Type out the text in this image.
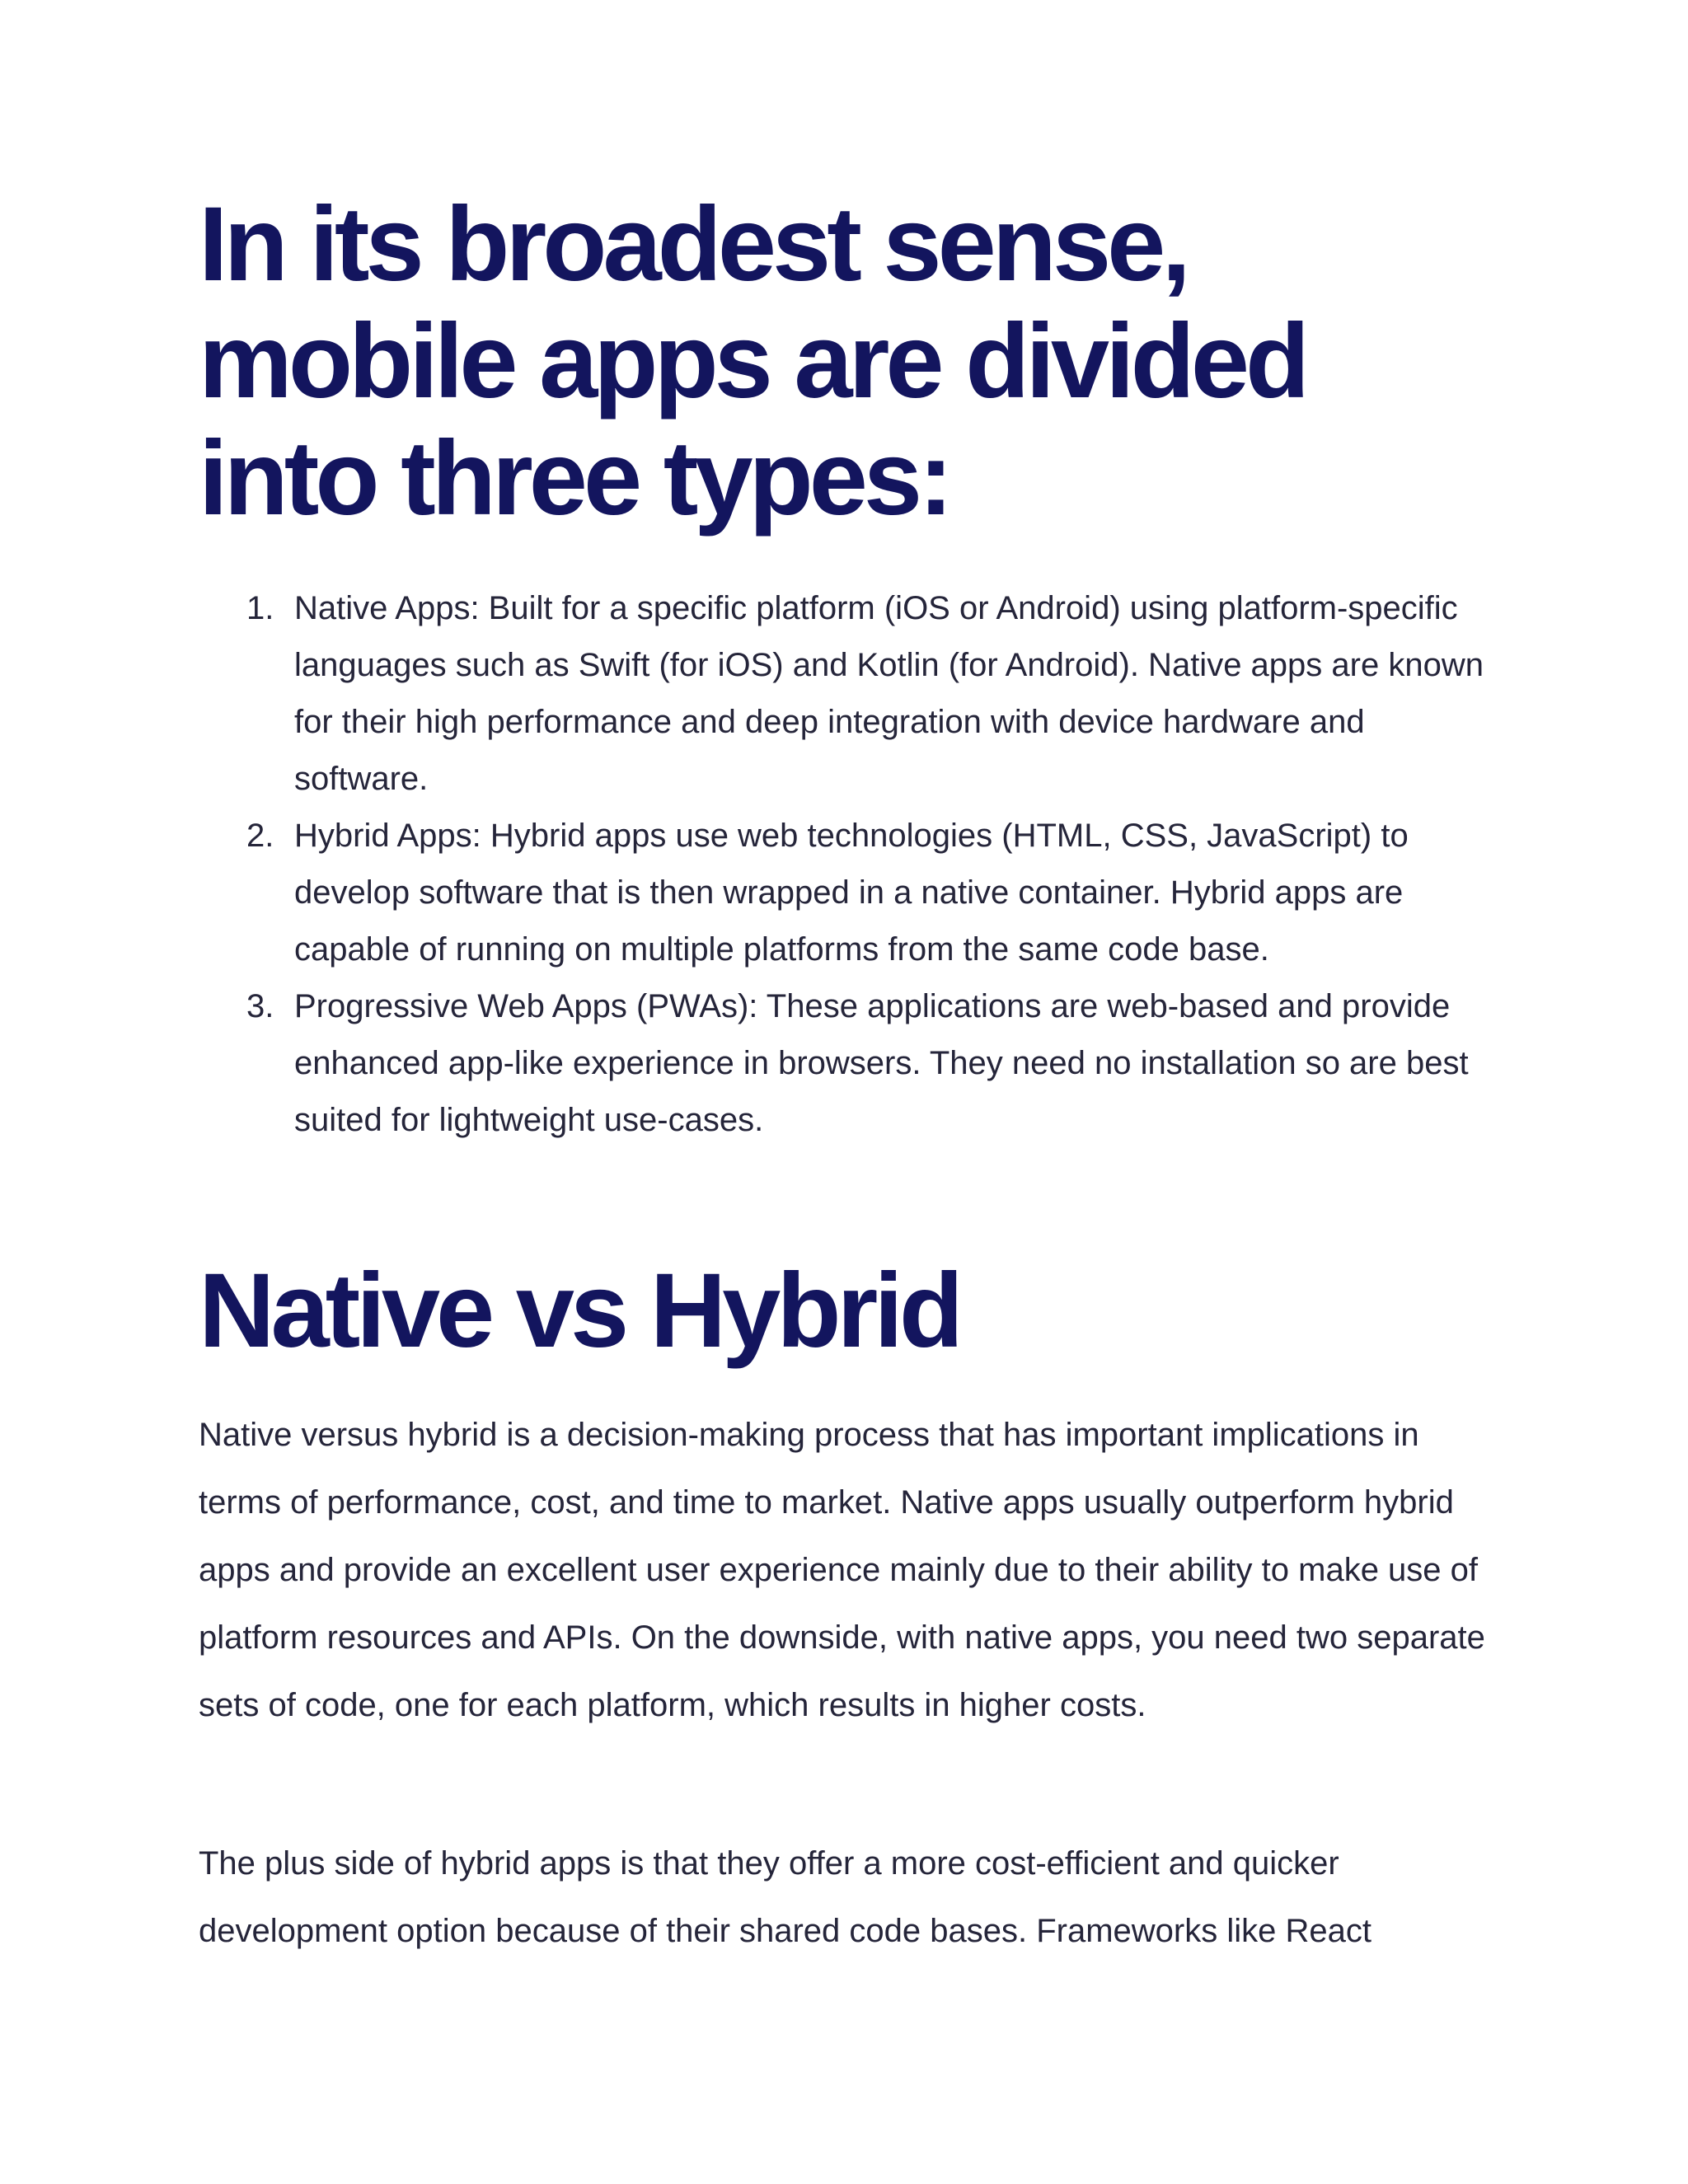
In its broadest sense, mobile apps are divided into three types:
1. Native Apps: Built for a specific platform (iOS or Android) using platform-specific languages such as Swift (for iOS) and Kotlin (for Android). Native apps are known for their high performance and deep integration with device hardware and software.
2. Hybrid Apps: Hybrid apps use web technologies (HTML, CSS, JavaScript) to develop software that is then wrapped in a native container. Hybrid apps are capable of running on multiple platforms from the same code base.
3. Progressive Web Apps (PWAs): These applications are web-based and provide enhanced app-like experience in browsers. They need no installation so are best suited for lightweight use-cases.
Native vs Hybrid

Native versus hybrid is a decision-making process that has important implications in terms of performance, cost, and time to market. Native apps usually outperform hybrid apps and provide an excellent user experience mainly due to their ability to make use of platform resources and APIs. On the downside, with native apps, you need two separate sets of code, one for each platform, which results in higher costs.

The plus side of hybrid apps is that they offer a more cost-efficient and quicker development option because of their shared code bases. Frameworks like React
